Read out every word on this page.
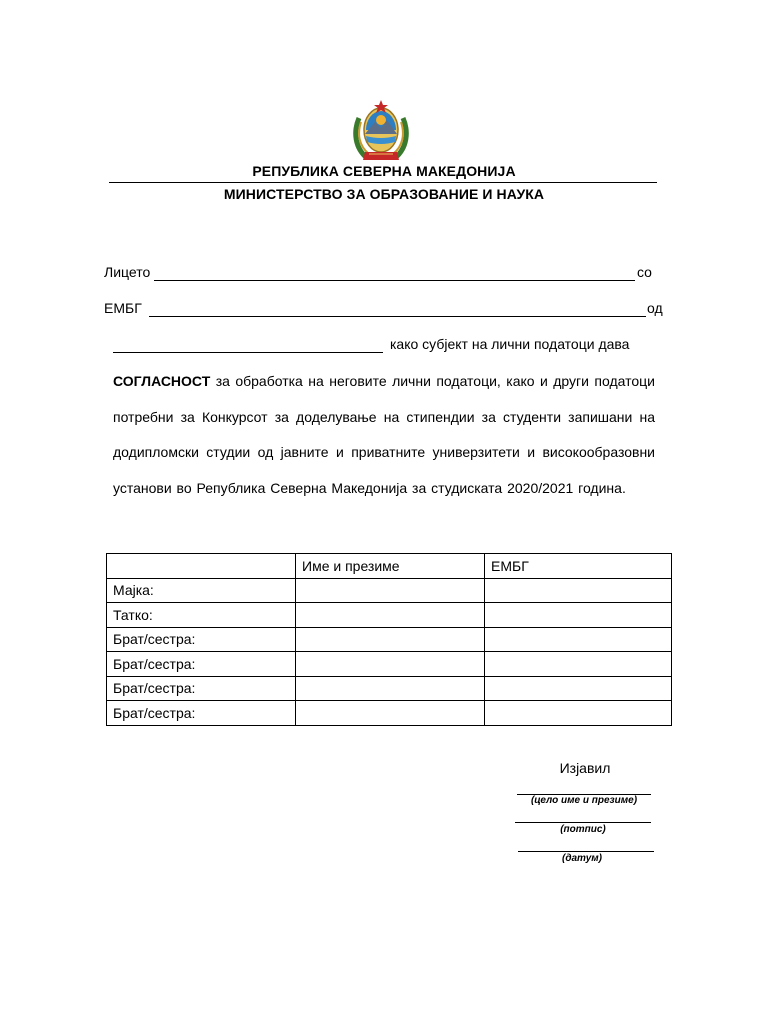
РЕПУБЛИКА СЕВЕРНА МАКЕДОНИЈА
МИНИСТЕРСТВО ЗА ОБРАЗОВАНИЕ И НАУКА
Лицето	со
ЕМБГ	од
како субјект на лични податоци дава
СОГЛАСНОСТ за обработка на неговите лични податоци, како и други податоци потребни за Конкурсот за доделување на стипендии за студенти запишани на додипломски студии од јавните и приватните универзитети и високообразовни установи во Република Северна Македонија за студиската 2020/2021 година.
	Име и презиме	ЕМБГ
Мајка:		
Татко:		
Брат/сестра:		
Брат/сестра:		
Брат/сестра:		
Брат/сестра:		
Изјавил
(цело име и презиме)
(потпис)
(датум)
